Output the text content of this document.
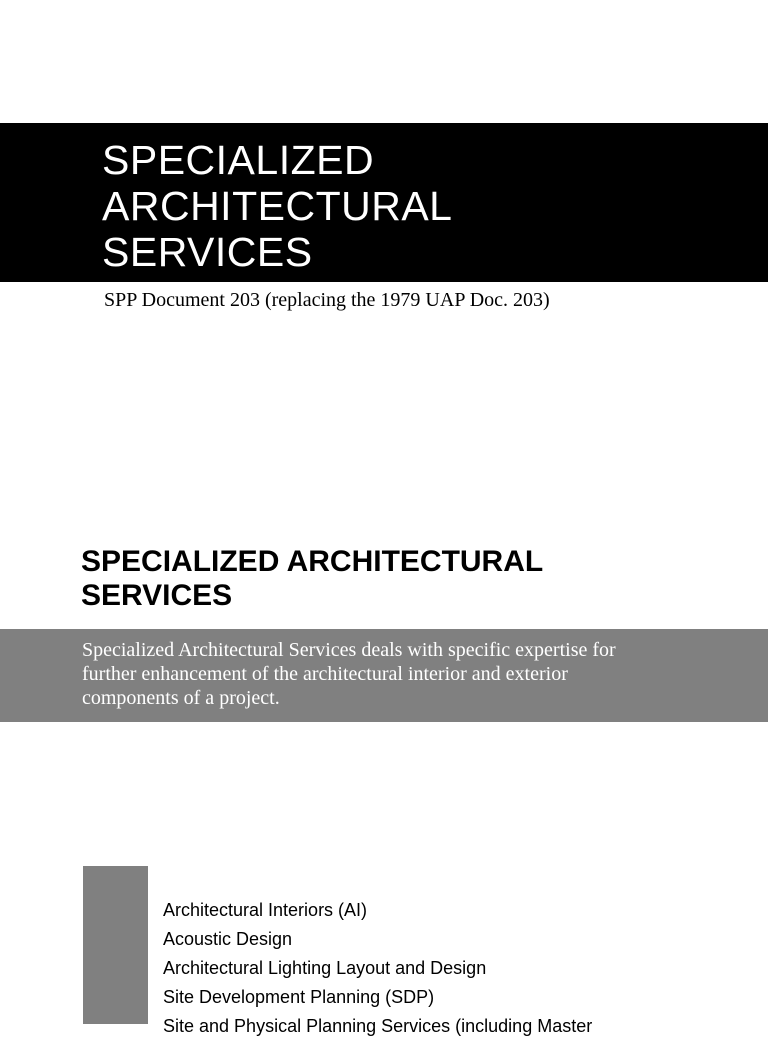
SPECIALIZED
ARCHITECTURAL
SERVICES
SPP Document 203 (replacing the 1979 UAP Doc. 203)
SPECIALIZED ARCHITECTURAL
SERVICES
Specialized Architectural Services deals with specific expertise for
further enhancement of the architectural interior and exterior
components of a project.
Architectural Interiors (AI)
Acoustic Design
Architectural Lighting Layout and Design
Site Development Planning (SDP)
Site and Physical Planning Services (including Master
